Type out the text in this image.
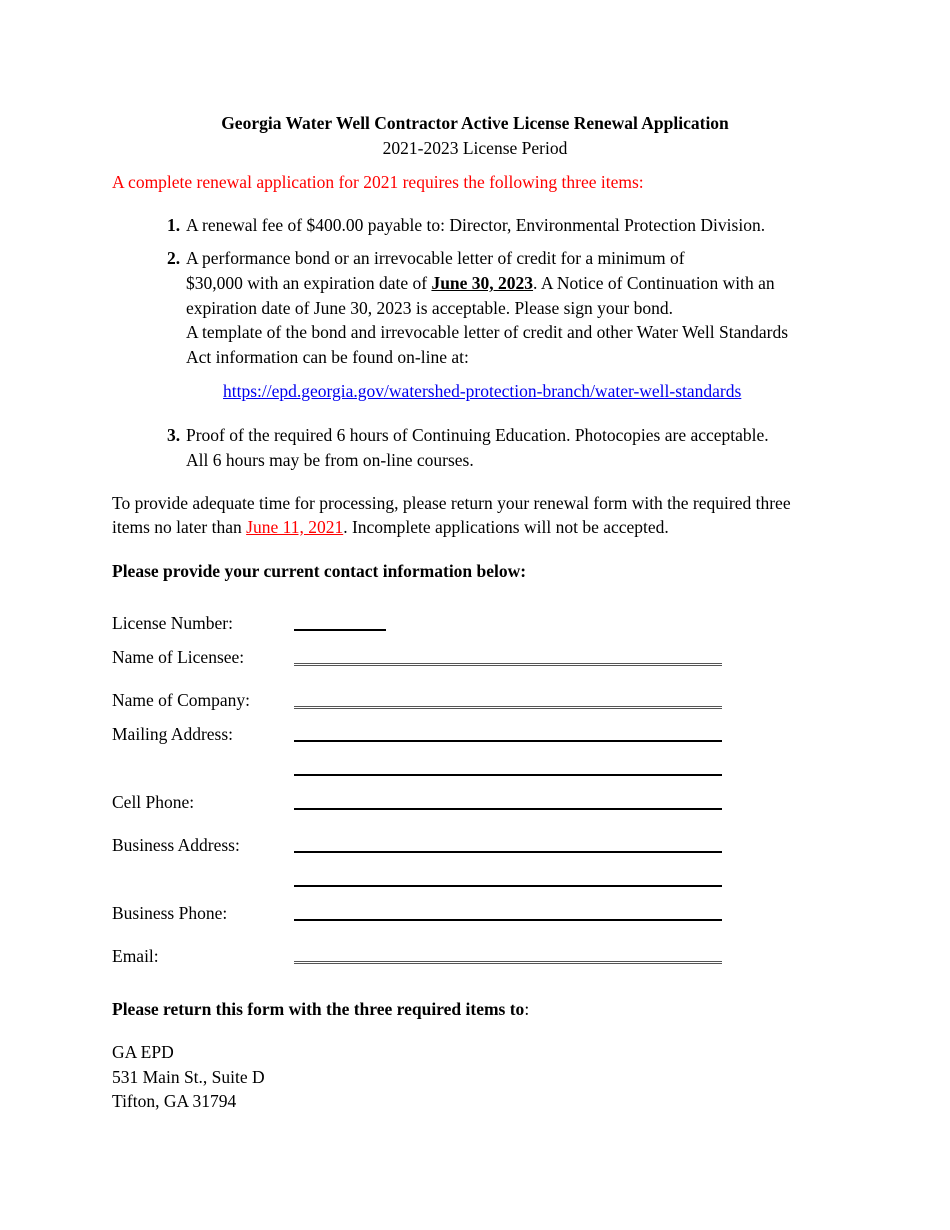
Georgia Water Well Contractor Active License Renewal Application
2021-2023 License Period
A complete renewal application for 2021 requires the following three items:
1. A renewal fee of $400.00 payable to: Director, Environmental Protection Division.
2. A performance bond or an irrevocable letter of credit for a minimum of
$30,000 with an expiration date of June 30, 2023. A Notice of Continuation with an
expiration date of June 30, 2023 is acceptable. Please sign your bond.
A template of the bond and irrevocable letter of credit and other Water Well Standards
Act information can be found on-line at:
https://epd.georgia.gov/watershed-protection-branch/water-well-standards
3. Proof of the required 6 hours of Continuing Education. Photocopies are acceptable.
All 6 hours may be from on-line courses.
To provide adequate time for processing, please return your renewal form with the required three
items no later than June 11, 2021. Incomplete applications will not be accepted.
Please provide your current contact information below:
License Number:
Name of Licensee:
Name of Company:
Mailing Address:
Cell Phone:
Business Address:
Business Phone:
Email:
Please return this form with the three required items to:
GA EPD
531 Main St., Suite D
Tifton, GA 31794
